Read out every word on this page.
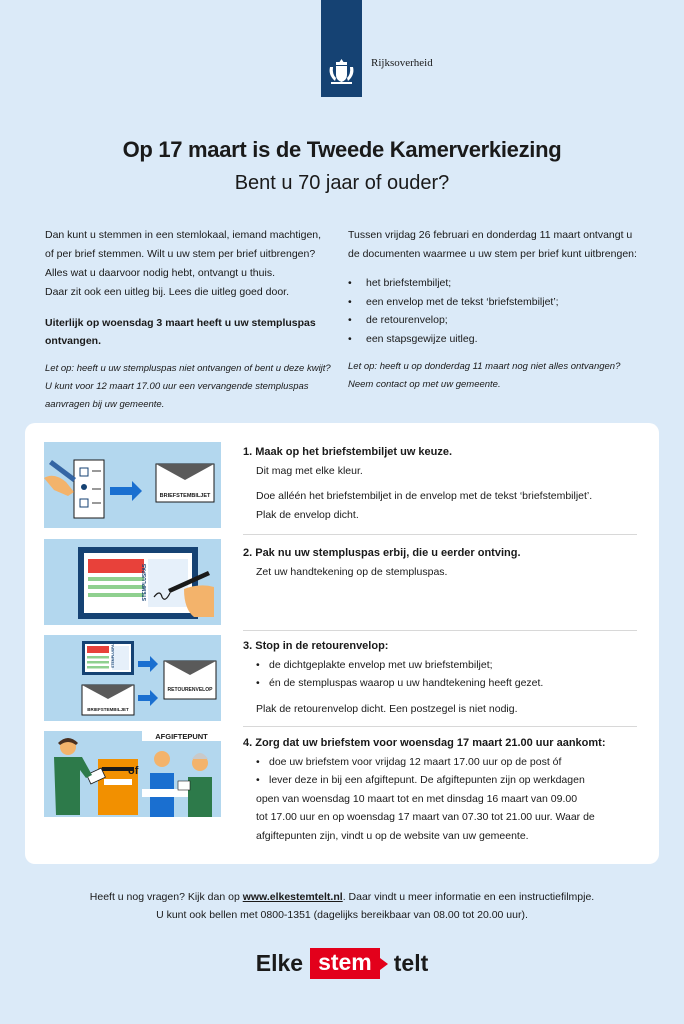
Rijksoverheid
Op 17 maart is de Tweede Kamerverkiezing
Bent u 70 jaar of ouder?

Dan kunt u stemmen in een stemlokaal, iemand machtigen,

of per brief stemmen. Wilt u uw stem per brief uitbrengen?

Alles wat u daarvoor nodig hebt, ontvangt u thuis.

Daar zit ook een uitleg bij. Lees die uitleg goed door.

Uiterlijk op woensdag 3 maart heeft u uw stempluspas
ontvangen.
Let op: heeft u uw stempluspas niet ontvangen of bent u deze kwijt?
U kunt voor 12 maart 17.00 uur een vervangende stempluspas
aanvragen bij uw gemeente.

Tussen vrijdag 26 februari en donderdag 11 maart ontvangt u

de documenten waarmee u uw stem per brief kunt uitbrengen:

• het briefstembiljet;
• een envelop met de tekst ‘briefstembiljet’;
• de retourenvelop;
• een stapsgewijze uitleg.
Let op: heeft u op donderdag 11 maart nog niet alles ontvangen?
Neem contact op met uw gemeente.
BRIEFSTEMBILJET
1. Maak op het briefstembiljet uw keuze.
Dit mag met elke kleur.
Doe alléén het briefstembiljet in de envelop met de tekst ‘briefstembiljet’.
Plak de envelop dicht.
STEMPLUSPAS
2. Pak nu uw stempluspas erbij, die u eerder ontving.
Zet uw handtekening op de stempluspas.
STEMPLUSPAS
BRIEFSTEMBILJET
RETOURENVELOP
3. Stop in de retourenvelop:
• de dichtgeplakte envelop met uw briefstembiljet;
• én de stempluspas waarop u uw handtekening heeft gezet.
Plak de retourenvelop dicht. Een postzegel is niet nodig.
of
AFGIFTEPUNT
4. Zorg dat uw briefstem voor woensdag 17 maart 21.00 uur aankomt:
• doe uw briefstem voor vrijdag 12 maart 17.00 uur op de post óf
• lever deze in bij een afgiftepunt. De afgiftepunten zijn op werkdagen
open van woensdag 10 maart tot en met dinsdag 16 maart van 09.00
tot 17.00 uur en op woensdag 17 maart van 07.30 tot 21.00 uur. Waar de
afgiftepunten zijn, vindt u op de website van uw gemeente.
Heeft u nog vragen? Kijk dan op www.elkestemtelt.nl. Daar vindt u meer informatie en een instructiefilmpje.
U kunt ook bellen met 0800-1351 (dagelijks bereikbaar van 08.00 tot 20.00 uur).
Elke stem telt
